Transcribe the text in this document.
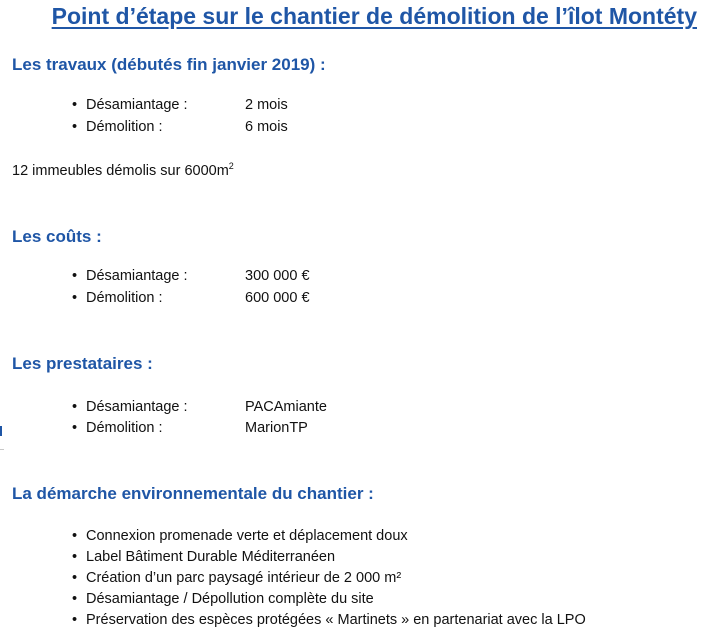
Point d’étape sur le chantier de démolition de l’îlot Montéty
Les travaux (débutés fin janvier 2019) :
• Désamiantage :	2 mois
• Démolition :	6 mois
12 immeubles démolis sur $6000m^2$
Les coûts :
• Désamiantage :	300 000 €
• Démolition :	600 000 €
Les prestataires :
• Désamiantage :	PACAmiante
• Démolition :	MarionTP
La démarche environnementale du chantier :
• Connexion promenade verte et déplacement doux
• Label Bâtiment Durable Méditerranéen
• Création d’un parc paysagé intérieur de 2 000 m²
• Désamiantage / Dépollution complète du site
• Préservation des espèces protégées « Martinets » en partenariat avec la LPO
